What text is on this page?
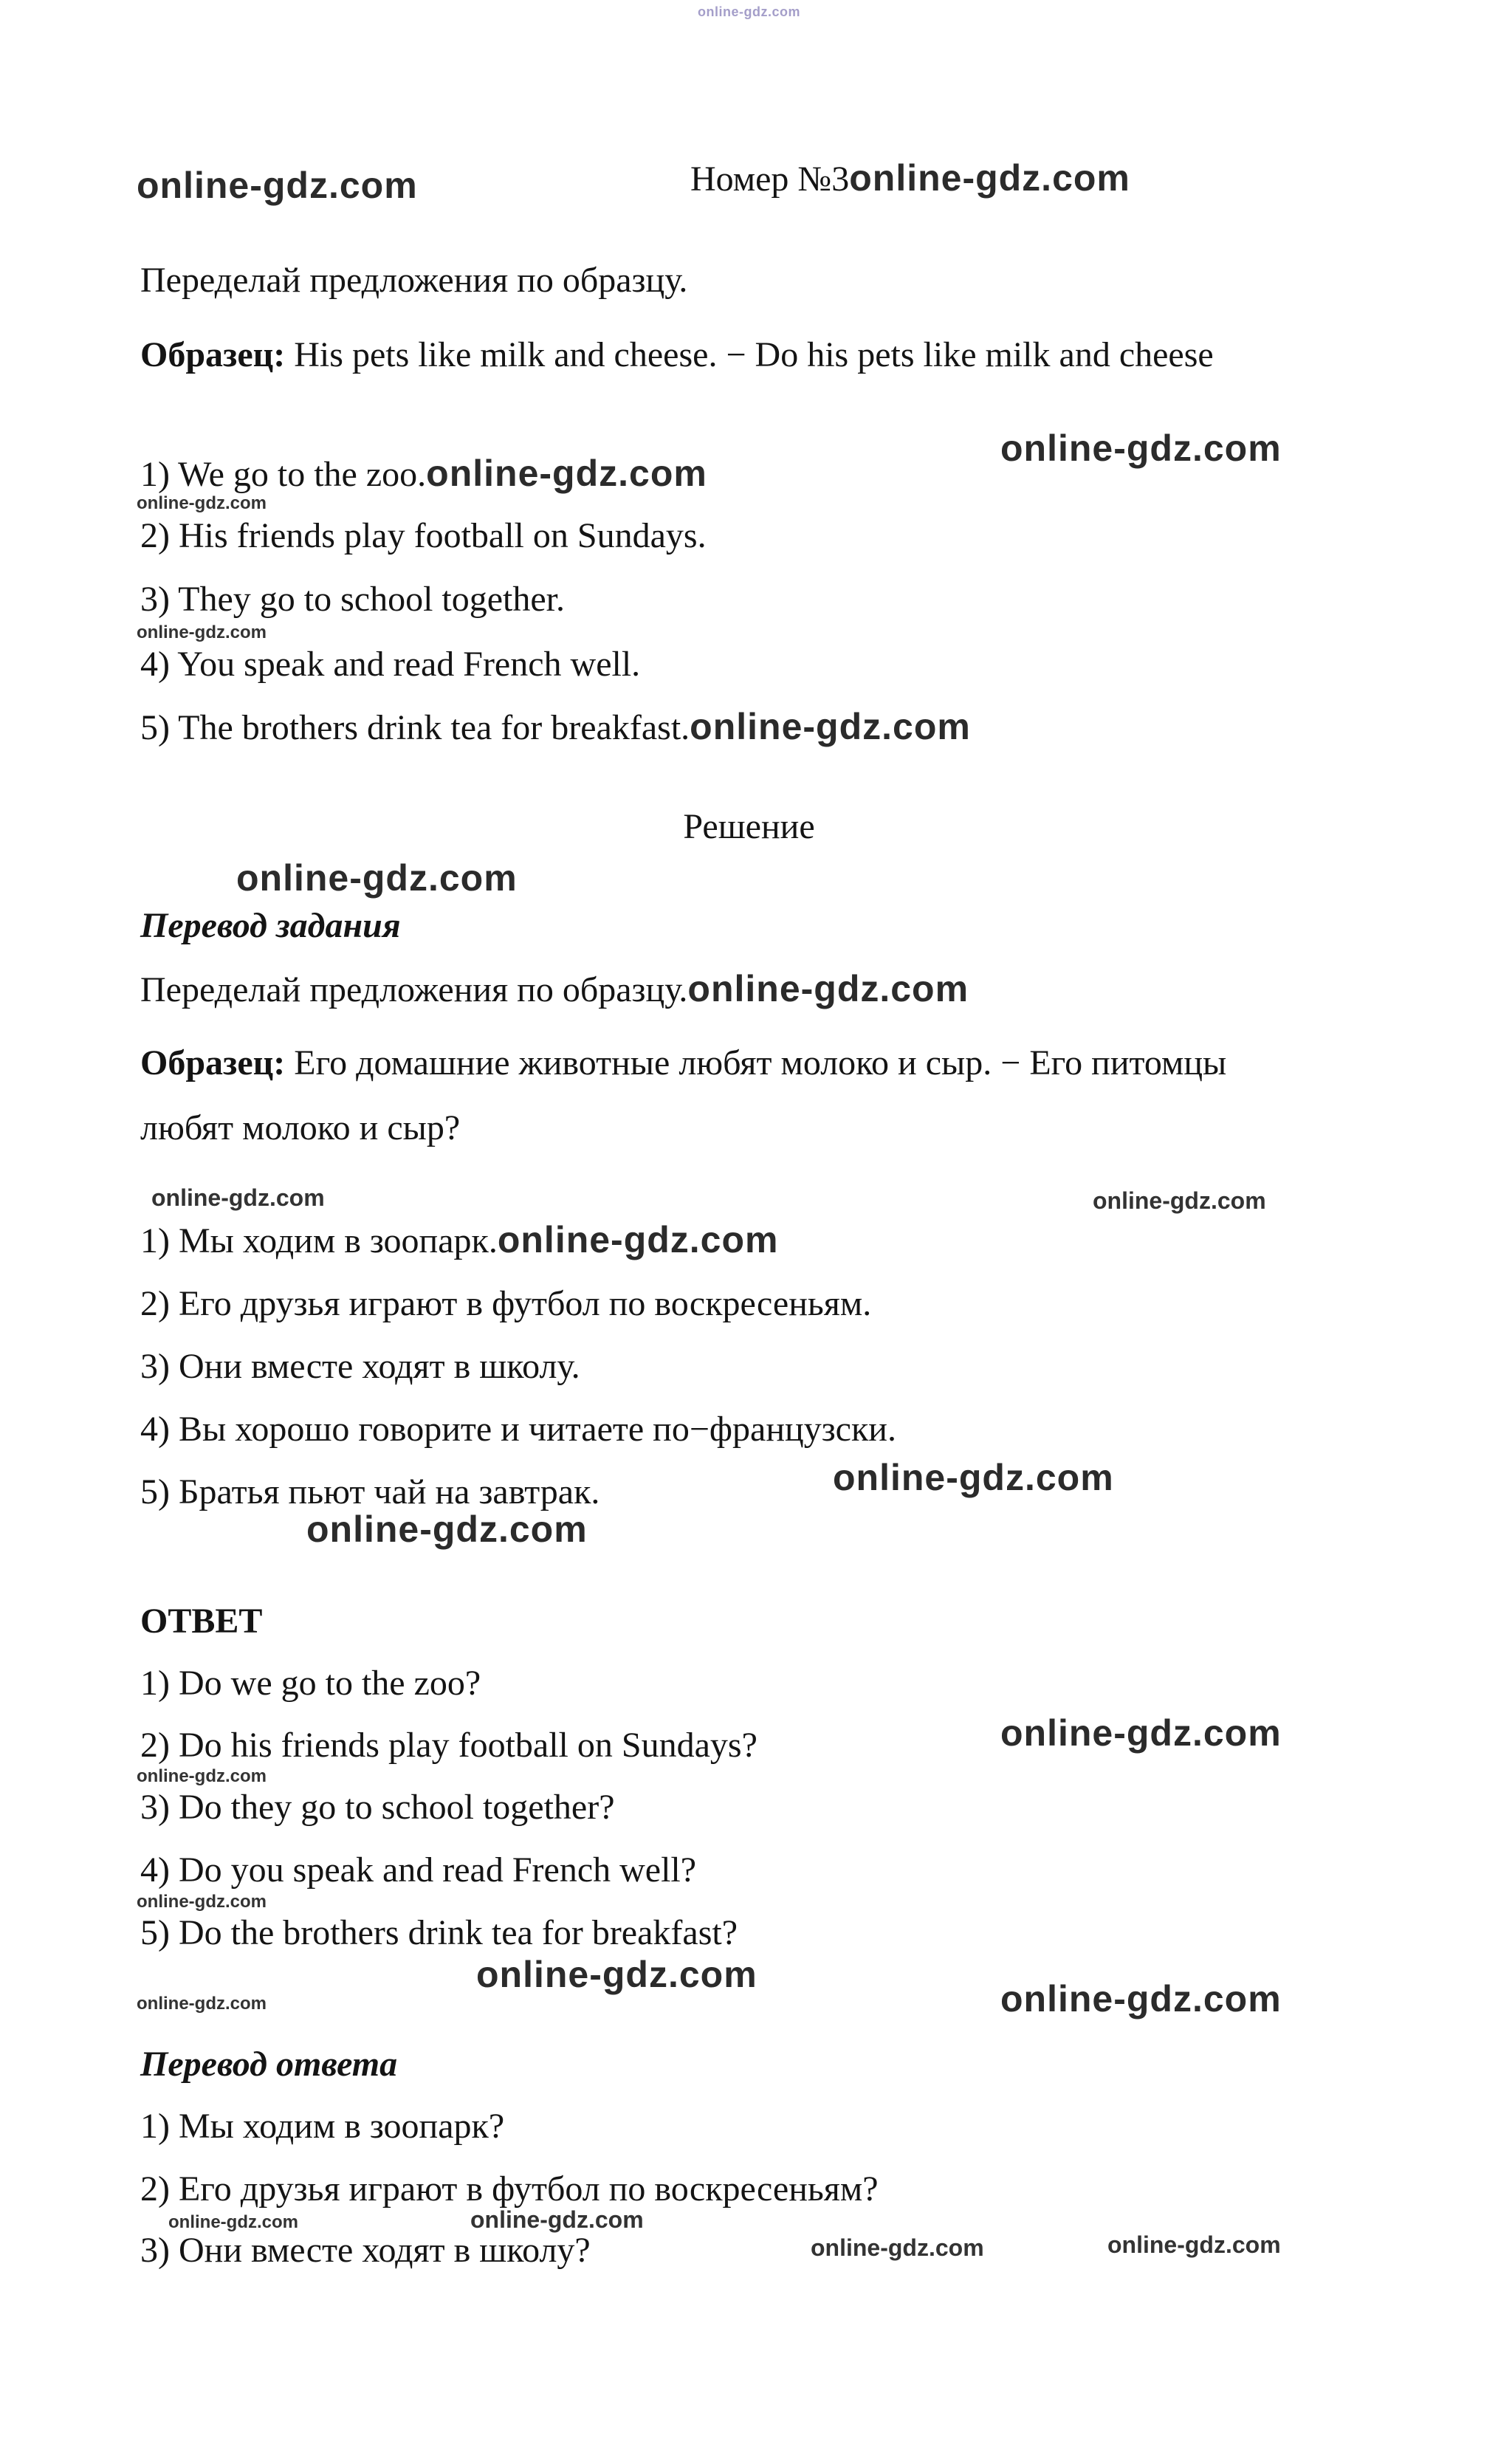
online-gdz.com
online-gdz.com	Номер №3online-gdz.com
Переделай предложения по образцу.
Образец: His pets like milk and cheese. − Do his pets like milk and cheese
1) We go to the zoo.online-gdz.com
online-gdz.com
online-gdz.com
2) His friends play football on Sundays.
3) They go to school together.
online-gdz.com
4) You speak and read French well.
5) The brothers drink tea for breakfast.online-gdz.com
Решение
online-gdz.com
Перевод задания
Переделай предложения по образцу.online-gdz.com
Образец: Его домашние животные любят молоко и сыр. − Его питомцы любят молоко и сыр?
online-gdz.com	online-gdz.com
1) Мы ходим в зоопарк.online-gdz.com
2) Его друзья играют в футбол по воскресеньям.
3) Они вместе ходят в школу.
4) Вы хорошо говорите и читаете по−французски.
5) Братья пьют чай на завтрак.	online-gdz.com
online-gdz.com
ОТВЕТ
1) Do we go to the zoo?
2) Do his friends play football on Sundays?	online-gdz.com
online-gdz.com
3) Do they go to school together?
4) Do you speak and read French well?
online-gdz.com
5) Do the brothers drink tea for breakfast?
online-gdz.com
online-gdz.com
online-gdz.com
Перевод ответа
1) Мы ходим в зоопарк?
2) Его друзья играют в футбол по воскресеньям?
online-gdz.com	online-gdz.com
3) Они вместе ходят в школу?	online-gdz.com	online-gdz.com
